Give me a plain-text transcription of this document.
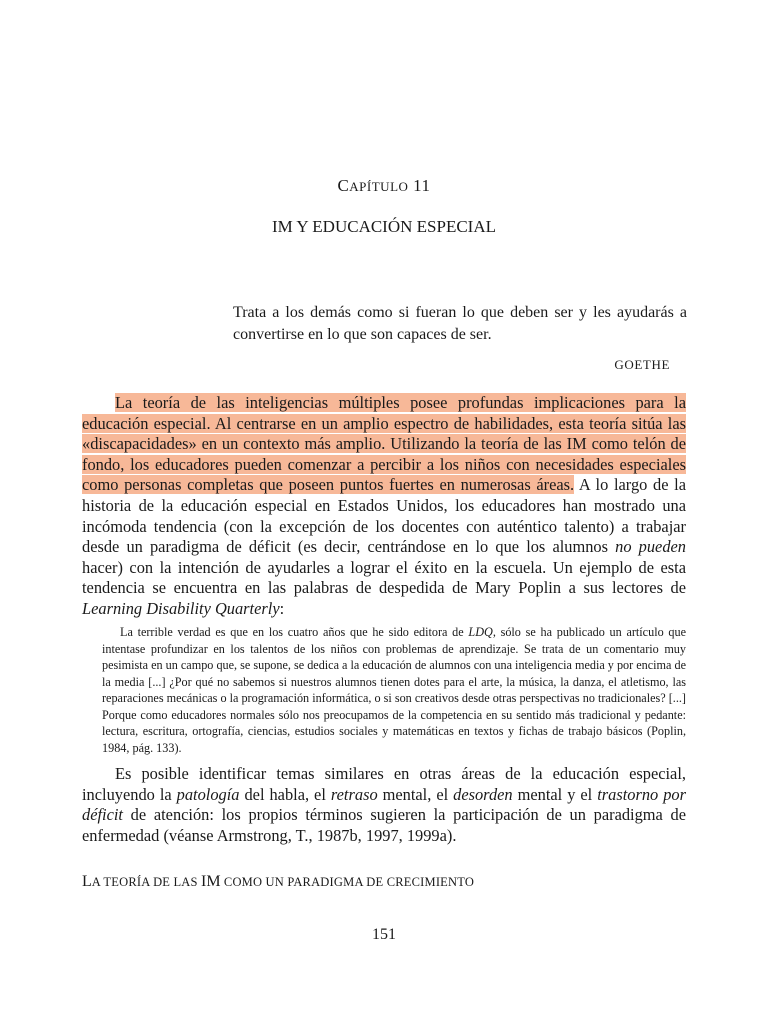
CAPÍTULO 11
IM Y EDUCACIÓN ESPECIAL
Trata a los demás como si fueran lo que deben ser y les ayudarás a convertirse en lo que son capaces de ser.
GOETHE
La teoría de las inteligencias múltiples posee profundas implicaciones para la educación especial. Al centrarse en un amplio espectro de habilidades, esta teoría sitúa las «discapacidades» en un contexto más amplio. Utilizando la teoría de las IM como telón de fondo, los educadores pueden comenzar a percibir a los niños con necesidades especiales como personas completas que poseen puntos fuertes en numerosas áreas. A lo largo de la historia de la educación especial en Estados Unidos, los educadores han mostrado una incómoda tendencia (con la excepción de los docentes con auténtico talento) a trabajar desde un paradigma de déficit (es decir, centrándose en lo que los alumnos no pueden hacer) con la intención de ayudarles a lograr el éxito en la escuela. Un ejemplo de esta tendencia se encuentra en las palabras de despedida de Mary Poplin a sus lectores de Learning Disability Quarterly:
La terrible verdad es que en los cuatro años que he sido editora de LDQ, sólo se ha publicado un artículo que intentase profundizar en los talentos de los niños con problemas de aprendizaje. Se trata de un comentario muy pesimista en un campo que, se supone, se dedica a la educación de alumnos con una inteligencia media y por encima de la media [...] ¿Por qué no sabemos si nuestros alumnos tienen dotes para el arte, la música, la danza, el atletismo, las reparaciones mecánicas o la programación informática, o si son creativos desde otras perspectivas no tradicionales? [...] Porque como educadores normales sólo nos preocupamos de la competencia en su sentido más tradicional y pedante: lectura, escritura, ortografía, ciencias, estudios sociales y matemáticas en textos y fichas de trabajo básicos (Poplin, 1984, pág. 133).
Es posible identificar temas similares en otras áreas de la educación especial, incluyendo la patología del habla, el retraso mental, el desorden mental y el trastorno por déficit de atención: los propios términos sugieren la participación de un paradigma de enfermedad (véanse Armstrong, T., 1987b, 1997, 1999a).
LA TEORÍA DE LAS IM COMO UN PARADIGMA DE CRECIMIENTO
151
